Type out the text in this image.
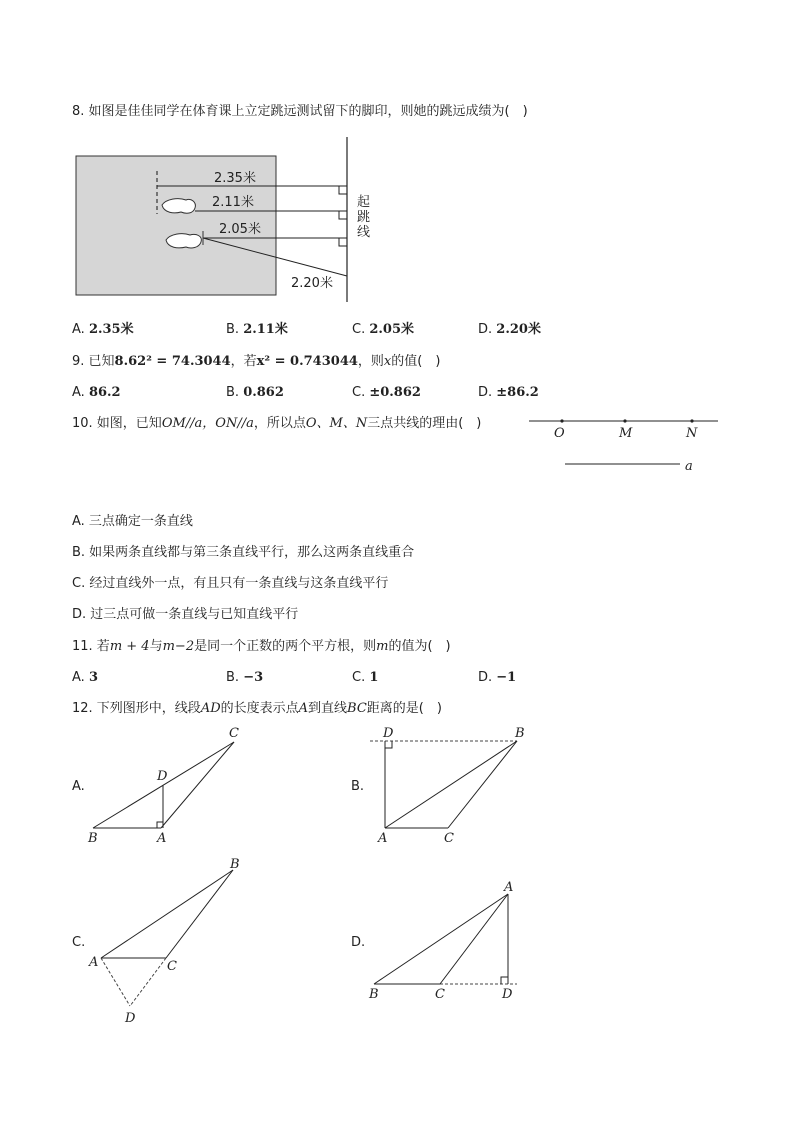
8. 如图是佳佳同学在体育课上立定跳远测试留下的脚印，则她的跳远成绩为(　)
2.35米
2.11米
2.05米
2.20米
起
跳
线
A. 2.35米	B. 2.11米	C. 2.05米	D. 2.20米
9. 已知8.62² = 74.3044，若x² = 0.743044，则x的值(　)
A. 86.2	B. 0.862	C. ±0.862	D. ±86.2
10. 如图，已知OM//a，ON//a，所以点O、M、N三点共线的理由(　)
O	M	N
a
A. 三点确定一条直线
B. 如果两条直线都与第三条直线平行，那么这两条直线重合
C. 经过直线外一点，有且只有一条直线与这条直线平行
D. 过三点可做一条直线与已知直线平行
11. 若m + 4与m−2是同一个正数的两个平方根，则m的值为(　)
A. 3	B. −3	C. 1	D. −1
12. 下列图形中，线段AD的长度表示点A到直线BC距离的是(　)
A.	B.
C.	D.
C
D
B	A
D	B
A	C
B
A	C
D
A
B	C	D
